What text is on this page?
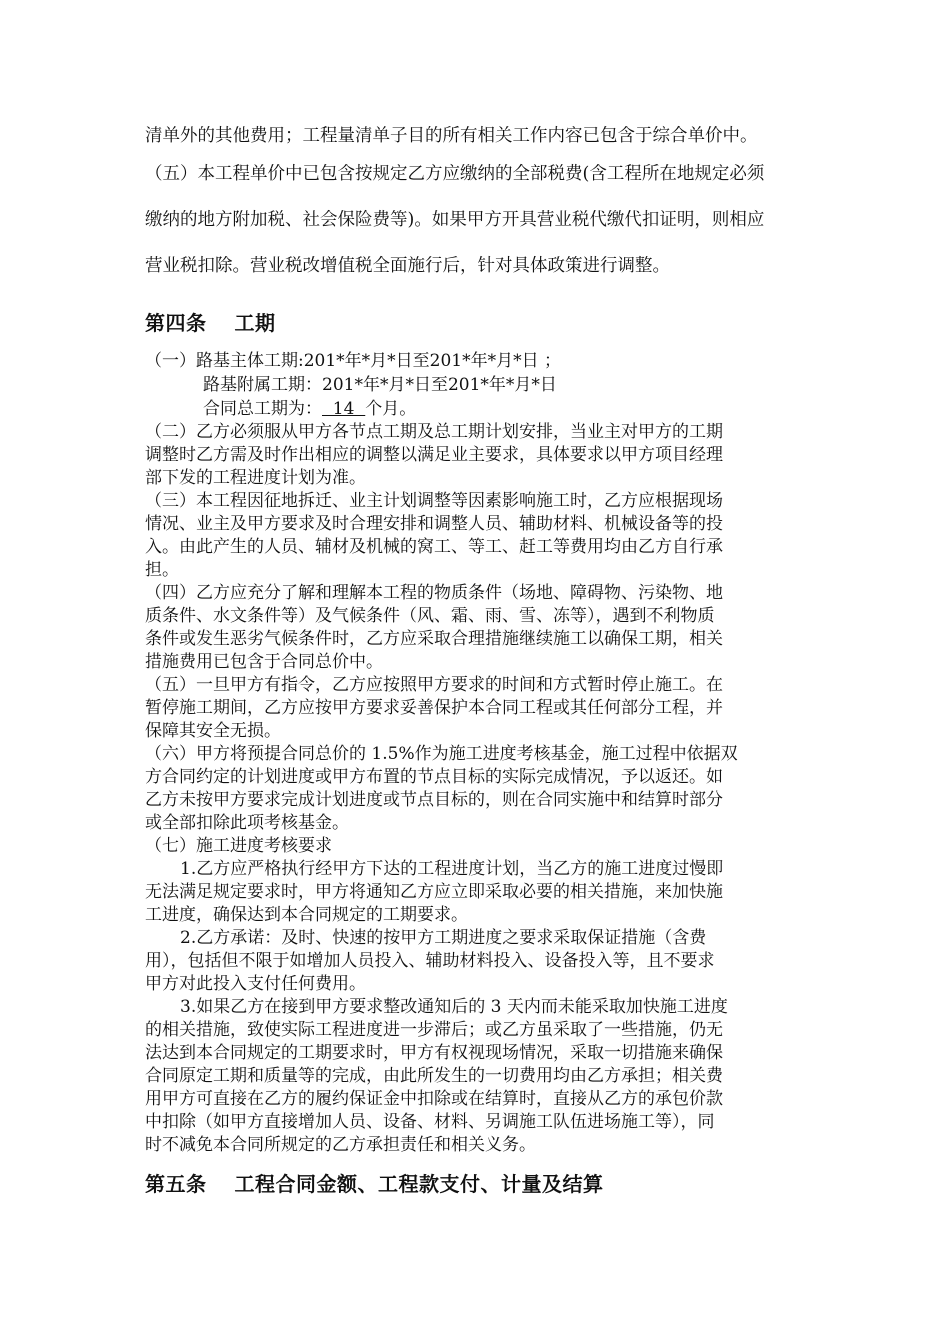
清单外的其他费用；工程量清单子目的所有相关工作内容已包含于综合单价中。
（五）本工程单价中已包含按规定乙方应缴纳的全部税费(含工程所在地规定必须
缴纳的地方附加税、社会保险费等)。如果甲方开具营业税代缴代扣证明，则相应
营业税扣除。营业税改增值税全面施行后，针对具体政策进行调整。
第四条 工期
（一）路基主体工期:201*年*月*日至201*年*月*日 ；
路基附属工期：201*年*月*日至201*年*月*日
合同总工期为：  14  个月。
（二）乙方必须服从甲方各节点工期及总工期计划安排，当业主对甲方的工期
调整时乙方需及时作出相应的调整以满足业主要求，具体要求以甲方项目经理
部下发的工程进度计划为准。
（三）本工程因征地拆迁、业主计划调整等因素影响施工时，乙方应根据现场
情况、业主及甲方要求及时合理安排和调整人员、辅助材料、机械设备等的投
入。由此产生的人员、辅材及机械的窝工、等工、赶工等费用均由乙方自行承
担。
（四）乙方应充分了解和理解本工程的物质条件（场地、障碍物、污染物、地
质条件、水文条件等）及气候条件（风、霜、雨、雪、冻等），遇到不利物质
条件或发生恶劣气候条件时，乙方应采取合理措施继续施工以确保工期，相关
措施费用已包含于合同总价中。
（五）一旦甲方有指令，乙方应按照甲方要求的时间和方式暂时停止施工。在
暂停施工期间，乙方应按甲方要求妥善保护本合同工程或其任何部分工程，并
保障其安全无损。
（六）甲方将预提合同总价的 1.5%作为施工进度考核基金，施工过程中依据双
方合同约定的计划进度或甲方布置的节点目标的实际完成情况，予以返还。如
乙方未按甲方要求完成计划进度或节点目标的，则在合同实施中和结算时部分
或全部扣除此项考核基金。
（七）施工进度考核要求
1.乙方应严格执行经甲方下达的工程进度计划，当乙方的施工进度过慢即
无法满足规定要求时，甲方将通知乙方应立即采取必要的相关措施，来加快施
工进度，确保达到本合同规定的工期要求。
2.乙方承诺：及时、快速的按甲方工期进度之要求采取保证措施（含费
用），包括但不限于如增加人员投入、辅助材料投入、设备投入等，且不要求
甲方对此投入支付任何费用。
3.如果乙方在接到甲方要求整改通知后的 3 天内而未能采取加快施工进度
的相关措施，致使实际工程进度进一步滞后；或乙方虽采取了一些措施，仍无
法达到本合同规定的工期要求时，甲方有权视现场情况，采取一切措施来确保
合同原定工期和质量等的完成，由此所发生的一切费用均由乙方承担；相关费
用甲方可直接在乙方的履约保证金中扣除或在结算时，直接从乙方的承包价款
中扣除（如甲方直接增加人员、设备、材料、另调施工队伍进场施工等），同
时不减免本合同所规定的乙方承担责任和相关义务。
第五条 工程合同金额、工程款支付、计量及结算
